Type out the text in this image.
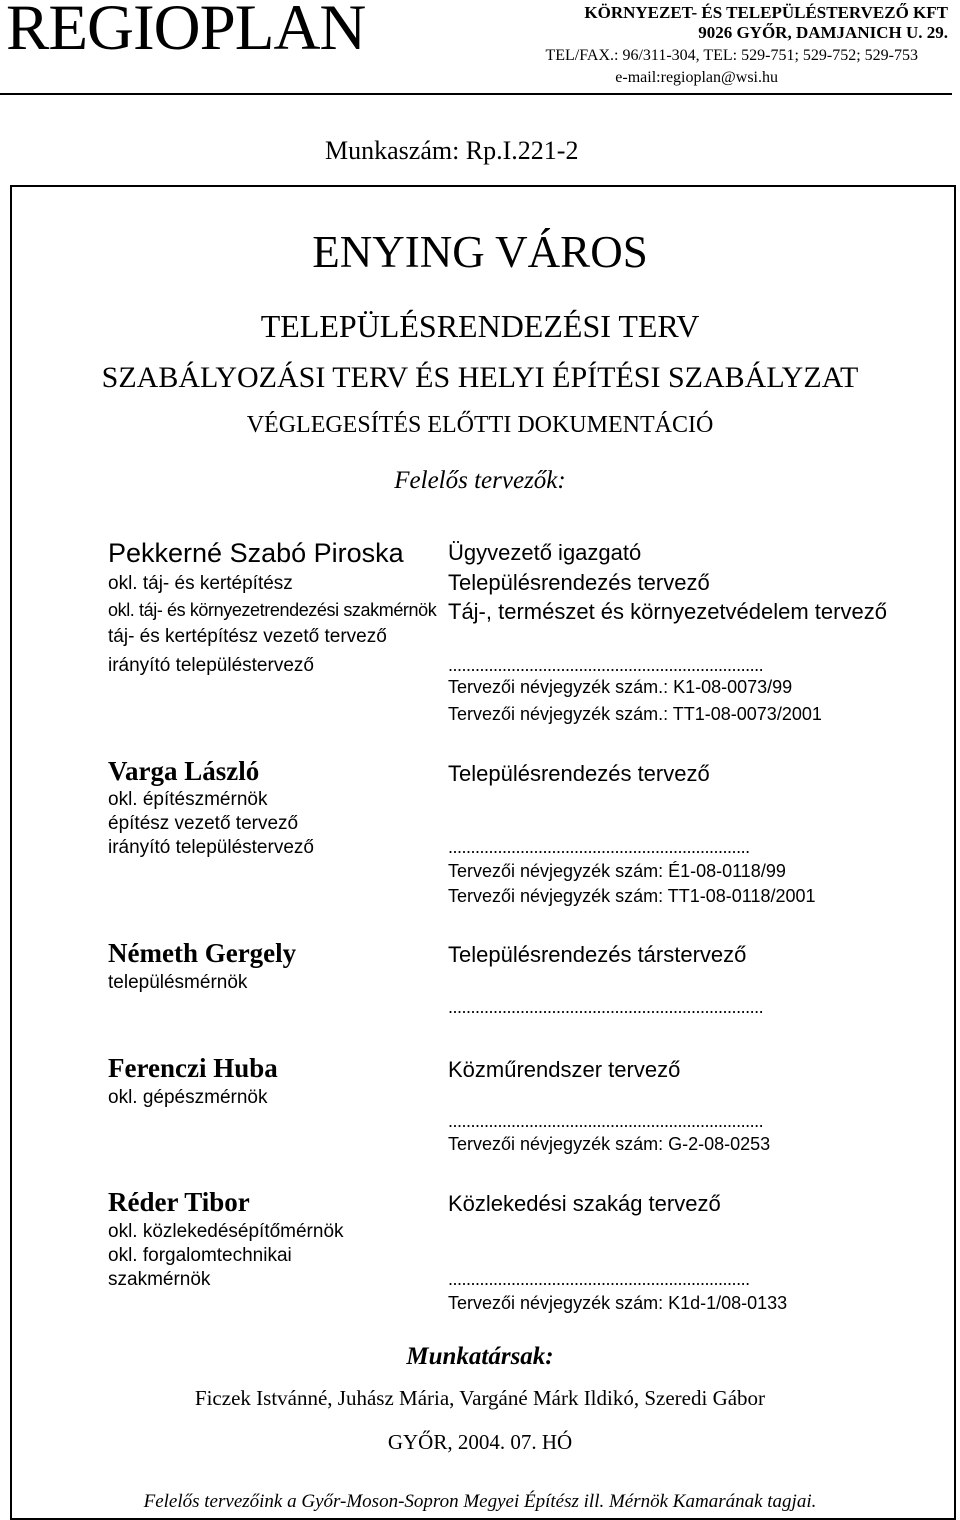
REGIOPLAN	KÖRNYEZET- ÉS TELEPÜLÉSTERVEZŐ KFT
9026 GYŐR, DAMJANICH U. 29.
TEL/FAX.: 96/311-304, TEL: 529-751; 529-752; 529-753
e-mail:regioplan@wsi.hu
Munkaszám: Rp.I.221-2
ENYING VÁROS
TELEPÜLÉSRENDEZÉSI TERV
SZABÁLYOZÁSI TERV ÉS HELYI ÉPÍTÉSI SZABÁLYZAT
VÉGLEGESÍTÉS ELŐTTI DOKUMENTÁCIÓ
Felelős tervezők:
Pekkerné Szabó Piroska
okl. táj- és kertépítész
okl. táj- és környezetrendezési szakmérnök
táj- és kertépítész vezető tervező
irányító településtervező
Ügyvezető igazgató
Településrendezés tervező
Táj-, természet és környezetvédelem tervező
......................................................................
Tervezői névjegyzék szám.: K1-08-0073/99
Tervezői névjegyzék szám.: TT1-08-0073/2001
Varga László
okl. építészmérnök
építész vezető tervező
irányító településtervező
Településrendezés tervező
...................................................................
Tervezői névjegyzék szám: É1-08-0118/99
Tervezői névjegyzék szám: TT1-08-0118/2001
Németh Gergely
településmérnök
Településrendezés társtervező
......................................................................
Ferenczi Huba
okl. gépészmérnök
Közműrendszer tervező
......................................................................
Tervezői névjegyzék szám: G-2-08-0253
Réder Tibor
okl. közlekedésépítőmérnök
okl. forgalomtechnikai
szakmérnök
Közlekedési szakág tervező
...................................................................
Tervezői névjegyzék szám: K1d-1/08-0133
Munkatársak:
Ficzek Istvánné, Juhász Mária, Vargáné Márk Ildikó, Szeredi Gábor
GYŐR, 2004. 07. HÓ
Felelős tervezőink a Győr-Moson-Sopron Megyei Építész ill. Mérnök Kamarának tagjai.
